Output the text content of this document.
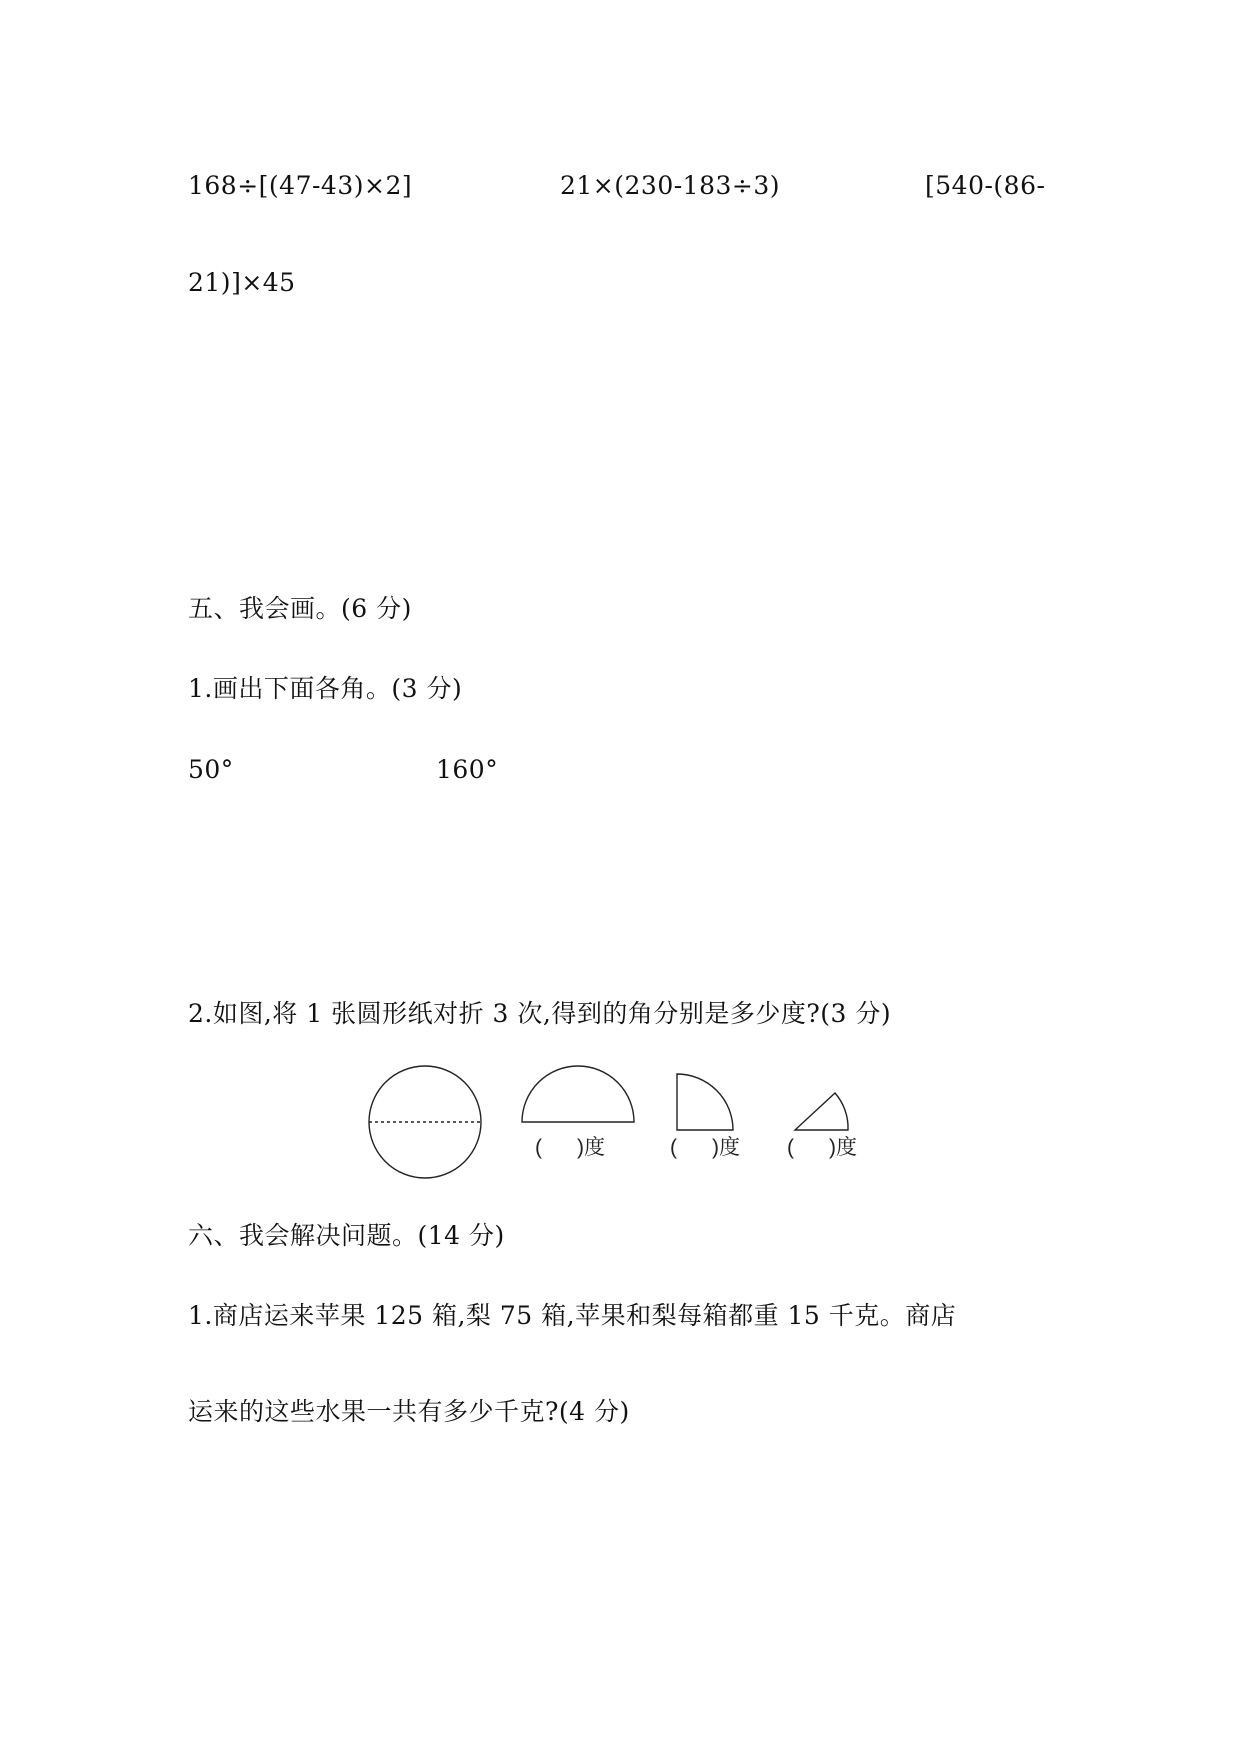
168÷[(47-43)×2]	21×(230-183÷3)	[540-(86-
21)]×45
五、我会画。(6 分)
1.画出下面各角。(3 分)
50°	160°
2.如图,将 1 张圆形纸对折 3 次,得到的角分别是多少度?(3 分)
(      )度	(      )度 (      )度
六、我会解决问题。(14 分)
1.商店运来苹果 125 箱,梨 75 箱,苹果和梨每箱都重 15 千克。商店
运来的这些水果一共有多少千克?(4 分)
